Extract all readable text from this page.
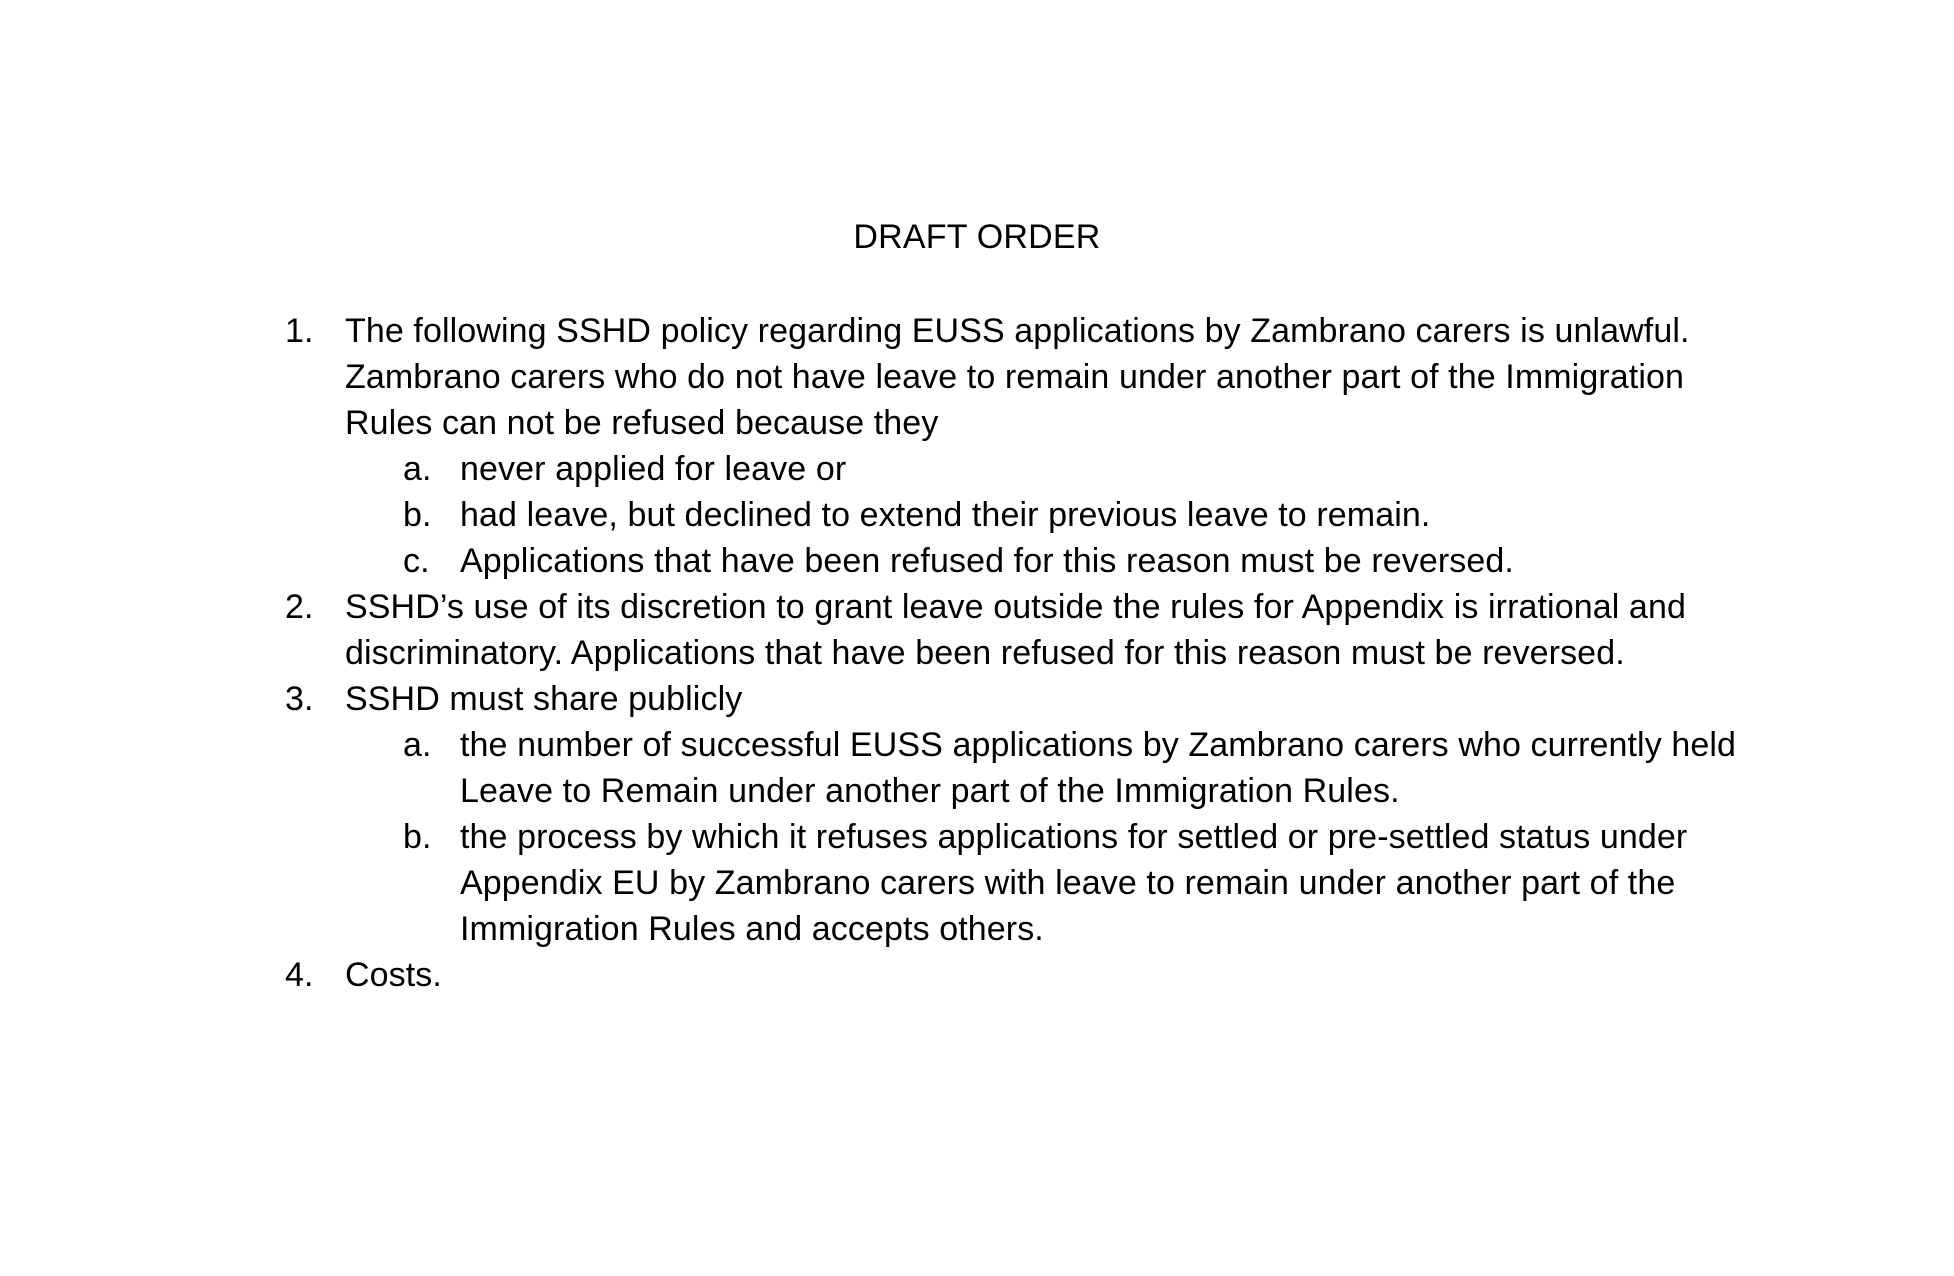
DRAFT ORDER
1. The following SSHD policy regarding EUSS applications by Zambrano carers is unlawful. Zambrano carers who do not have leave to remain under another part of the Immigration Rules can not be refused because they
a. never applied for leave or
b. had leave, but declined to extend their previous leave to remain.
c. Applications that have been refused for this reason must be reversed.
2. SSHD’s use of its discretion to grant leave outside the rules for Appendix is irrational and discriminatory. Applications that have been refused for this reason must be reversed.
3. SSHD must share publicly
a. the number of successful EUSS applications by Zambrano carers who currently held Leave to Remain under another part of the Immigration Rules.
b. the process by which it refuses applications for settled or pre-settled status under Appendix EU by Zambrano carers with leave to remain under another part of the Immigration Rules and accepts others.
4. Costs.
